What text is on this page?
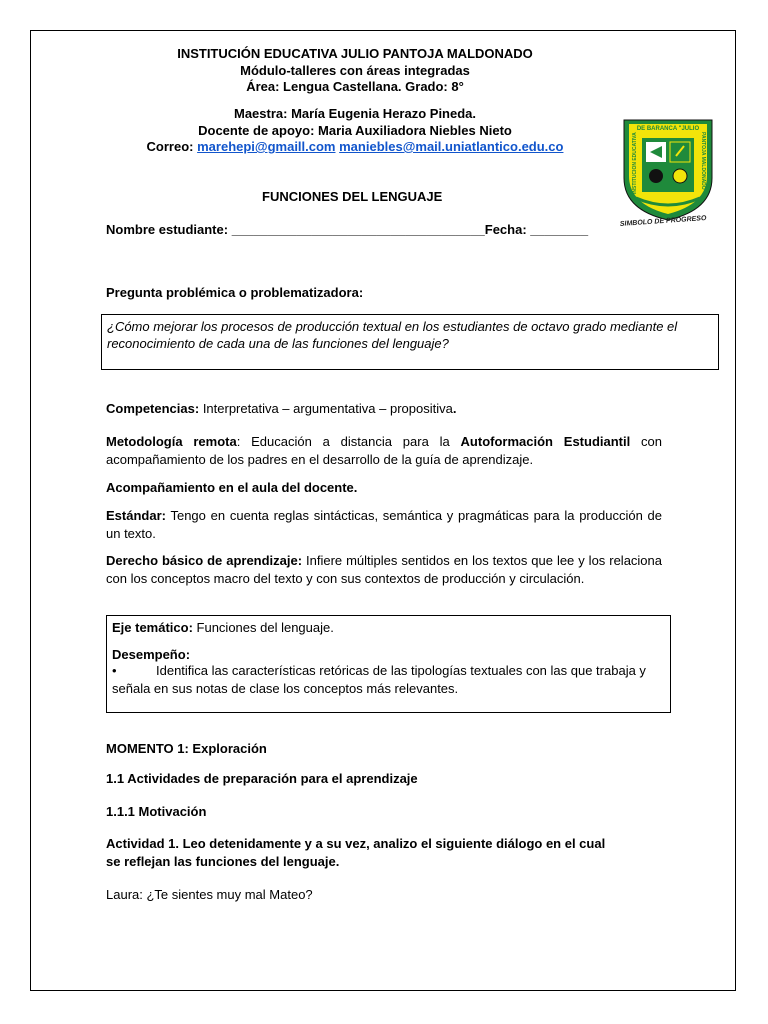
INSTITUCIÓN EDUCATIVA JULIO PANTOJA MALDONADO
Módulo-talleres con áreas integradas
Área: Lengua Castellana. Grado: 8°
Maestra: María Eugenia Herazo Pineda.
Docente de apoyo: Maria Auxiliadora Niebles Nieto
Correo: marehepi@gmaill.com maniebles@mail.uniatlantico.edu.co
DE BARANCA "JULIO
INSTITUCION EDUCATIVA	PANTOJA MALDONADO
SIMBOLO DE PROGRESO
FUNCIONES DEL LENGUAJE
Nombre estudiante: ___________________________________Fecha: ________
Pregunta problémica o problematizadora:
¿Cómo mejorar los procesos de producción textual en los estudiantes de octavo grado mediante el reconocimiento de cada una de las funciones del lenguaje?
Competencias: Interpretativa – argumentativa – propositiva.
Metodología remota: Educación a distancia para la Autoformación Estudiantil con acompañamiento de los padres en el desarrollo de la guía de aprendizaje.
Acompañamiento en el aula del docente.
Estándar: Tengo en cuenta reglas sintácticas, semántica y pragmáticas para la producción de un texto.
Derecho básico de aprendizaje: Infiere múltiples sentidos en los textos que lee y los relaciona con los conceptos macro del texto y con sus contextos de producción y circulación.
Eje temático: Funciones del lenguaje.
Desempeño:
•	Identifica las características retóricas de las tipologías textuales con las que trabaja y señala en sus notas de clase los conceptos más relevantes.
MOMENTO 1: Exploración
1.1 Actividades de preparación para el aprendizaje
1.1.1 Motivación
Actividad 1. Leo detenidamente y a su vez, analizo el siguiente diálogo en el cual
se reflejan las funciones del lenguaje.
Laura: ¿Te sientes muy mal Mateo?
